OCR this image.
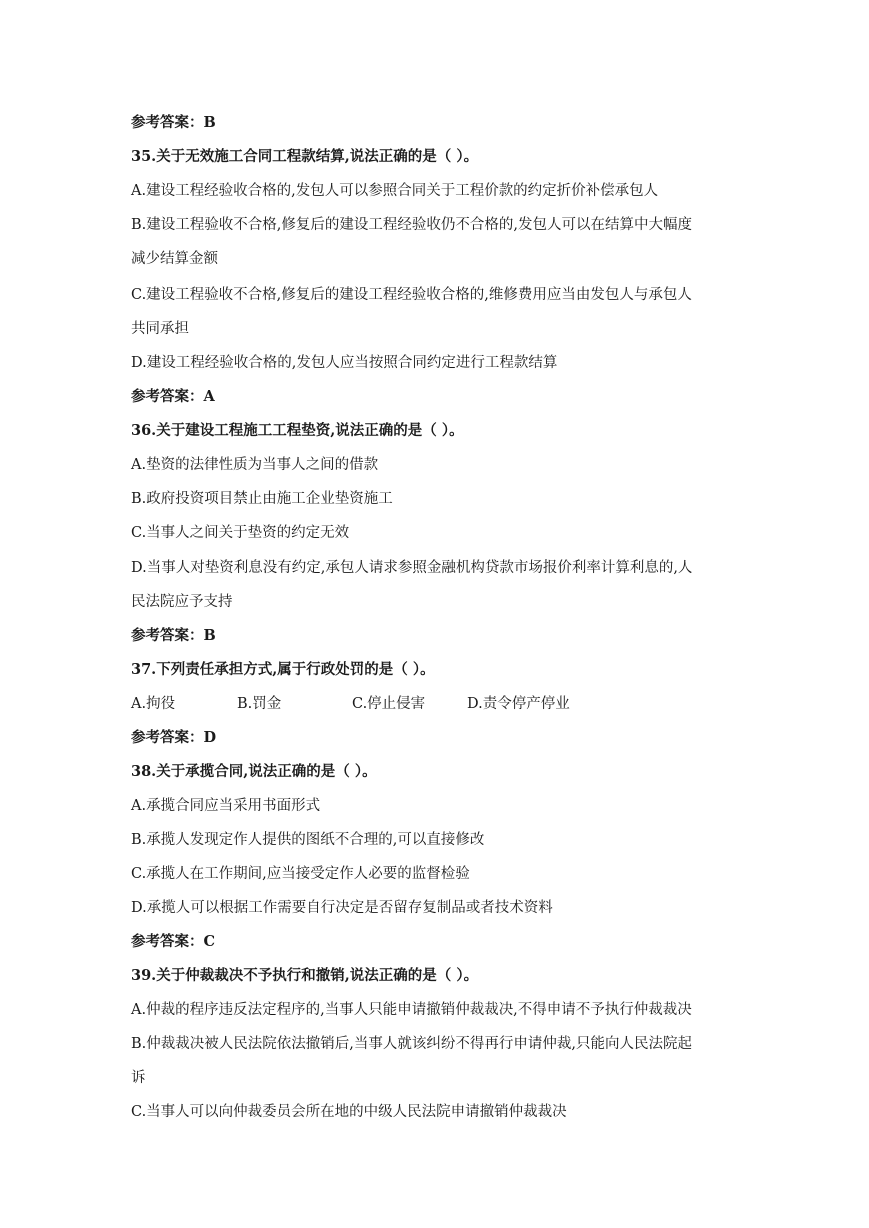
参考答案：B
35.关于无效施工合同工程款结算,说法正确的是（ ）。
A.建设工程经验收合格的,发包人可以参照合同关于工程价款的约定折价补偿承包人
B.建设工程验收不合格,修复后的建设工程经验收仍不合格的,发包人可以在结算中大幅度
减少结算金额
C.建设工程验收不合格,修复后的建设工程经验收合格的,维修费用应当由发包人与承包人
共同承担
D.建设工程经验收合格的,发包人应当按照合同约定进行工程款结算
参考答案：A
36.关于建设工程施工工程垫资,说法正确的是（ ）。
A.垫资的法律性质为当事人之间的借款
B.政府投资项目禁止由施工企业垫资施工
C.当事人之间关于垫资的约定无效
D.当事人对垫资利息没有约定,承包人请求参照金融机构贷款市场报价利率计算利息的,人
民法院应予支持
参考答案：B
37.下列责任承担方式,属于行政处罚的是（ ）。
A.拘役	B.罚金	C.停止侵害	D.责令停产停业
参考答案：D
38.关于承揽合同,说法正确的是（ ）。
A.承揽合同应当采用书面形式
B.承揽人发现定作人提供的图纸不合理的,可以直接修改
C.承揽人在工作期间,应当接受定作人必要的监督检验
D.承揽人可以根据工作需要自行决定是否留存复制品或者技术资料
参考答案：C
39.关于仲裁裁决不予执行和撤销,说法正确的是（ ）。
A.仲裁的程序违反法定程序的,当事人只能申请撤销仲裁裁决,不得申请不予执行仲裁裁决
B.仲裁裁决被人民法院依法撤销后,当事人就该纠纷不得再行申请仲裁,只能向人民法院起
诉
C.当事人可以向仲裁委员会所在地的中级人民法院申请撤销仲裁裁决
